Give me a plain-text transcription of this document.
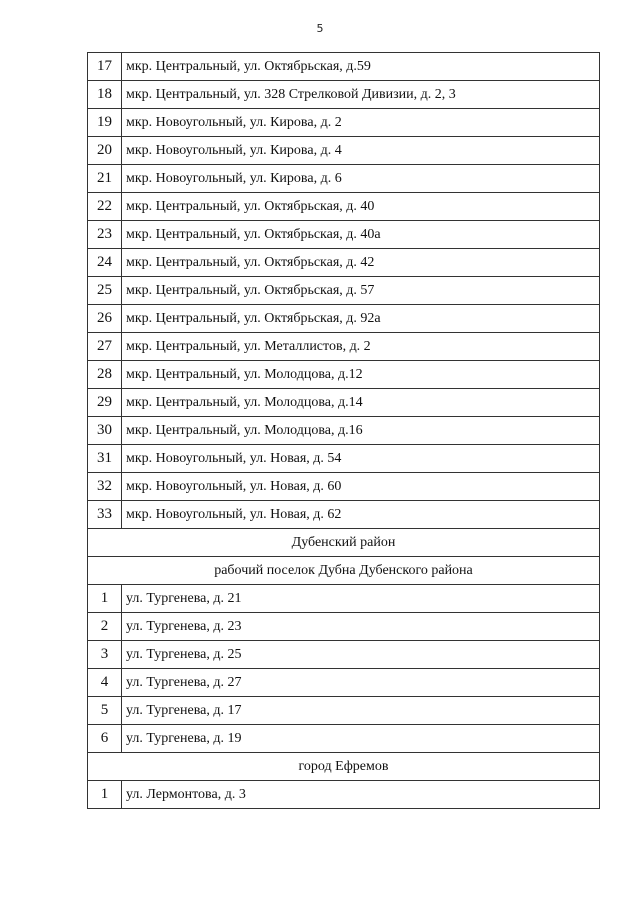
5
17	мкр. Центральный, ул. Октябрьская, д.59
18	мкр. Центральный, ул. 328 Стрелковой Дивизии, д. 2, 3
19	мкр. Новоугольный, ул. Кирова, д. 2
20	мкр. Новоугольный, ул. Кирова, д. 4
21	мкр. Новоугольный, ул. Кирова, д. 6
22	мкр. Центральный, ул. Октябрьская, д. 40
23	мкр. Центральный, ул. Октябрьская, д. 40а
24	мкр. Центральный, ул. Октябрьская, д. 42
25	мкр. Центральный, ул. Октябрьская, д. 57
26	мкр. Центральный, ул. Октябрьская, д. 92а
27	мкр. Центральный, ул. Металлистов, д. 2
28	мкр. Центральный, ул. Молодцова, д.12
29	мкр. Центральный, ул. Молодцова, д.14
30	мкр. Центральный, ул. Молодцова, д.16
31	мкр. Новоугольный, ул. Новая, д. 54
32	мкр. Новоугольный, ул. Новая, д. 60
33	мкр. Новоугольный, ул. Новая, д. 62
Дубенский район	
рабочий поселок Дубна Дубенского района	
1	ул. Тургенева, д. 21
2	ул. Тургенева, д. 23
3	ул. Тургенева, д. 25
4	ул. Тургенева, д. 27
5	ул. Тургенева, д. 17
6	ул. Тургенева, д. 19
город Ефремов	
1	ул. Лермонтова, д. 3
